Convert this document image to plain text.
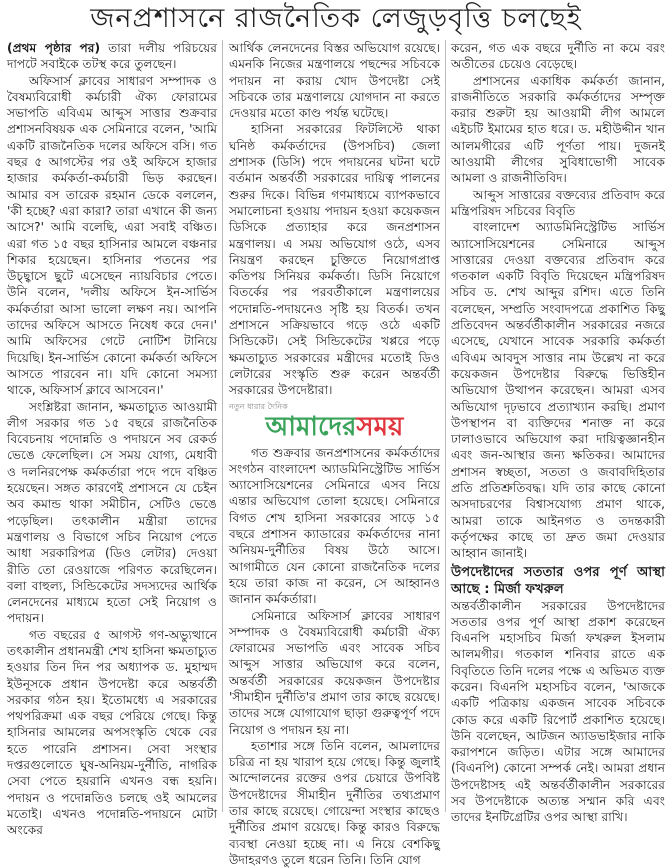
জনপ্রশাসনে রাজনৈতিক লেজুড়বৃত্তি চলছেই

(প্রথম পৃষ্ঠার পর) তারা দলীয় পরিচয়ের দাপটে সবাইকে তটস্থ করে তুলছেন।

অফিসার্স ক্লাবের সাধারণ সম্পাদক ও বৈষম্যবিরোধী কর্মচারী ঐক্য ফোরামের সভাপতি এবিএম আব্দুস সাত্তার শুক্রবার প্রশাসনবিষয়ক এক সেমিনারে বলেন, 'আমি একটি রাজনৈতিক দলের অফিসে বসি। গত বছর ৫ আগস্টের পর ওই অফিসে হাজার হাজার কর্মকর্তা-কর্মচারী ভিড় করছেন। আমার বস তারেক রহমান ডেকে বললেন, 'কী হচ্ছে? এরা কারা? তারা এখানে কী জন্য আসে?' আমি বলেছি, এরা সবাই বঞ্চিত। এরা গত ১৫ বছর হাসিনার আমলে বঞ্চনার শিকার হয়েছেন। হাসিনার পতনের পর উচ্ছ্বাসে ছুটে এসেছেন ন্যায়বিচার পেতে। উনি বলেন, 'দলীয় অফিসে ইন-সার্ভিস কর্মকর্তারা আসা ভালো লক্ষণ নয়। আপনি তাদের অফিসে আসতে নিষেধ করে দেন।' আমি অফিসের গেটে নোটিশ টানিয়ে দিয়েছি। ইন-সার্ভিস কোনো কর্মকর্তা অফিসে আসতে পারবেন না। যদি কোনো সমস্যা থাকে, অফিসার্স ক্লাবে আসবেন।'

সংশ্লিষ্টরা জানান, ক্ষমতাচ্যুত আওয়ামী লীগ সরকার গত ১৫ বছরে রাজনৈতিক বিবেচনায় পদোন্নতি ও পদায়নে সব রেকর্ড ভেঙে ফেলেছিল। সে সময় যোগ্য, মেধাবী ও দলনিরপেক্ষ কর্মকর্তারা পদে পদে বঞ্চিত হয়েছেন। সঙ্গত কারণেই প্রশাসনে যে চেইন অব কমান্ড থাকা সমীচীন, সেটিও ভেঙে পড়েছিল। তৎকালীন মন্ত্রীরা তাদের মন্ত্রণালয় ও বিভাগে সচিব নিয়োগ পেতে আধা সরকারিপত্র (ডিও লেটার) দেওয়া রীতি তো রেওয়াজে পরিণত করেছিলেন। বলা বাহুল্য, সিন্ডিকেটের সদস্যদের আর্থিক লেনদেনের মাধ্যমে হতো সেই নিয়োগ ও পদায়ন।

গত বছরের ৫ আগস্ট গণ-অভ্যুত্থানে তৎকালীন প্রধানমন্ত্রী শেখ হাসিনা ক্ষমতাচ্যুত হওয়ার তিন দিন পর অধ্যাপক ড. মুহাম্মদ ইউনূসকে প্রধান উপদেষ্টা করে অন্তর্বর্তী সরকার গঠন হয়। ইতোমধ্যে এ সরকারের পথপরিক্রমা এক বছর পেরিয়ে গেছে। কিন্তু হাসিনার আমলের অপসংস্কৃতি থেকে বের হতে পারেনি প্রশাসন। সেবা সংস্থার দপ্তরগুলোতে ঘুষ-অনিয়ম-দুর্নীতি, নাগরিক সেবা পেতে হয়রানি এখনও বন্ধ হয়নি। পদায়ন ও পদোন্নতিও চলছে ওই আমলের মতোই। এখনও পদোন্নতি-পদায়নে মোটা অংকের

আর্থিক লেনদেনের বিস্তর অভিযোগ রয়েছে। এমনকি নিজের মন্ত্রণালয়ে পছন্দের সচিবকে পদায়ন না করায় খোদ উপদেষ্টা সেই সচিবকে তার মন্ত্রণালয়ে যোগদান না করতে দেওয়ার মতো কাণ্ড পর্যন্ত ঘটেছে।

হাসিনা সরকারের ফিটলিস্টে থাকা ঘনিষ্ঠ কর্মকর্তাদের (উপসচিব) জেলা প্রশাসক (ডিসি) পদে পদায়নের ঘটনা ঘটে বর্তমান অন্তর্বর্তী সরকারের দায়িত্ব পালনের শুরুর দিকে। বিভিন্ন গণমাধ্যমে ব্যাপকভাবে সমালোচনা হওয়ায় পদায়ন হওয়া কয়েকজন ডিসিকে প্রত্যাহার করে জনপ্রশাসন মন্ত্রণালয়। এ সময় অভিযোগ ওঠে, এসব নিয়ন্ত্রণ করছেন চুক্তিতে নিয়োগপ্রাপ্ত কতিপয় সিনিয়র কর্মকর্তা। ডিসি নিয়োগে বিতর্কের পর পরবর্তীকালে মন্ত্রণালয়ের পদোন্নতি-পদায়নেও সৃষ্টি হয় বিতর্ক। তখন প্রশাসনে সক্রিয়ভাবে গড়ে ওঠে একটি সিন্ডিকেট। সেই সিন্ডিকেটের খপ্পরে পড়ে ক্ষমতাচ্যুত সরকারের মন্ত্রীদের মতোই ডিও লেটারের সংস্কৃতি শুরু করেন অন্তর্বর্তী সরকারের উপদেষ্টারা।

নতুন ধারার দৈনিক
আমাদেরসময়

গত শুক্রবার জনপ্রশাসনের কর্মকর্তাদের সংগঠন বাংলাদেশ অ্যাডমিনিস্ট্রেটিভ সার্ভিস অ্যাসোসিয়েশনের সেমিনারে এসব নিয়ে এন্তার অভিযোগ তোলা হয়েছে। সেমিনারে বিগত শেখ হাসিনা সরকারের সাড়ে ১৫ বছরে প্রশাসন ক্যাডারের কর্মকর্তাদের নানা অনিয়ম-দুর্নীতির বিষয় উঠে আসে। আগামীতে যেন কোনো রাজনৈতিক দলের হয়ে তারা কাজ না করেন, সে আহ্বানও জানান কর্মকর্তারা।

সেমিনারে অফিসার্স ক্লাবের সাধারণ সম্পাদক ও বৈষম্যবিরোধী কর্মচারী ঐক্য ফোরামের সভাপতি এবং সাবেক সচিব আব্দুস সাত্তার অভিযোগ করে বলেন, অন্তর্বর্তী সরকারের কয়েকজন উপদেষ্টার 'সীমাহীন দুর্নীতি'র প্রমাণ তার কাছে রয়েছে। তাদের সঙ্গে যোগাযোগ ছাড়া গুরুত্বপূর্ণ পদে নিয়োগ ও পদায়ন হয় না।

হতাশার সঙ্গে তিনি বলেন, আমলাদের চরিত্র না হয় খারাপ হয়ে গেছে। কিন্তু জুলাই আন্দোলনের রক্তের ওপর চেয়ারে উপবিষ্ট উপদেষ্টাদের সীমাহীন দুর্নীতির তথ্যপ্রমাণ তার কাছে রয়েছে। গোয়েন্দা সংস্থার কাছেও দুর্নীতির প্রমাণ রয়েছে। কিন্তু কারও বিরুদ্ধে ব্যবস্থা নেওয়া হচ্ছে না। এ নিয়ে বেশকিছু উদাহরণও তুলে ধরেন তিনি। তিনি যোগ

করেন, গত এক বছরে দুর্নীতি না কমে বরং অতীতের চেয়েও বেড়েছে।

প্রশাসনের একাধিক কর্মকর্তা জানান, রাজনীতিতে সরকারি কর্মকর্তাদের সম্পৃক্ত করার শুরুটা হয় আওয়ামী লীগ আমলে এইচটি ইমামের হাত ধরে। ড. মহীউদ্দীন খান আলমগীরের এটি পূর্ণতা পায়। দুজনই আওয়ামী লীগের সুবিধাভোগী সাবেক আমলা ও রাজনীতিবিদ।

আব্দুস সাত্তারের বক্তব্যের প্রতিবাদ করে মন্ত্রিপরিষদ সচিবের বিবৃতি

বাংলাদেশ অ্যাডমিনিস্ট্রেটিভ সার্ভিস অ্যাসোসিয়েশনের সেমিনারে আব্দুস সাত্তারের দেওয়া বক্তব্যের প্রতিবাদ করে গতকাল একটি বিবৃতি দিয়েছেন মন্ত্রিপরিষদ সচিব ড. শেখ আব্দুর রশিদ। এতে তিনি বলেছেন, সম্প্রতি সংবাদপত্রে প্রকাশিত কিছু প্রতিবেদন অন্তর্বর্তীকালীন সরকারের নজরে এসেছে, যেখানে সাবেক সরকারি কর্মকর্তা এবিএম আবদুস সাত্তার নাম উল্লেখ না করে কয়েকজন উপদেষ্টার বিরুদ্ধে ভিত্তিহীন অভিযোগ উত্থাপন করেছেন। আমরা এসব অভিযোগ দৃঢ়ভাবে প্রত্যাখ্যান করছি। প্রমাণ উপস্থাপন বা ব্যক্তিদের শনাক্ত না করে ঢালাওভাবে অভিযোগ করা দায়িত্বজ্ঞানহীন এবং জন-আস্থার জন্য ক্ষতিকর। আমাদের প্রশাসন স্বচ্ছতা, সততা ও জবাবদিহিতার প্রতি প্রতিশ্রুতিবদ্ধ। যদি তার কাছে কোনো অসদাচরণের বিশ্বাসযোগ্য প্রমাণ থাকে, আমরা তাকে আইনগত ও তদন্তকারী কর্তৃপক্ষের কাছে তা দ্রুত জমা দেওয়ার আহ্বান জানাই।

উপদেষ্টাদের সততার ওপর পূর্ণ আস্থা আছে : মির্জা ফখরুল

অন্তর্বর্তীকালীন সরকারের উপদেষ্টাদের সততার ওপর পূর্ণ আস্থা প্রকাশ করেছেন বিএনপি মহাসচিব মির্জা ফখরুল ইসলাম আলমগীর। গতকাল শনিবার রাতে এক বিবৃতিতে তিনি দলের পক্ষে এ অভিমত ব্যক্ত করেন। বিএনপি মহাসচিব বলেন, 'আজকে একটি পত্রিকায় একজন সাবেক সচিবকে কোড করে একটি রিপোর্ট প্রকাশিত হয়েছে। উনি বলেছেন, আটজন অ্যাডভাইজার নাকি করাপশনে জড়িত। এটার সঙ্গে আমাদের (বিএনপি) কোনো সম্পর্ক নেই। আমরা প্রধান উপদেষ্টাসহ এই অন্তর্বর্তীকালীন সরকারের সব উপদেষ্টাকে অত্যন্ত সম্মান করি এবং তাদের ইনটিগ্রেটির ওপর আস্থা রাখি।
